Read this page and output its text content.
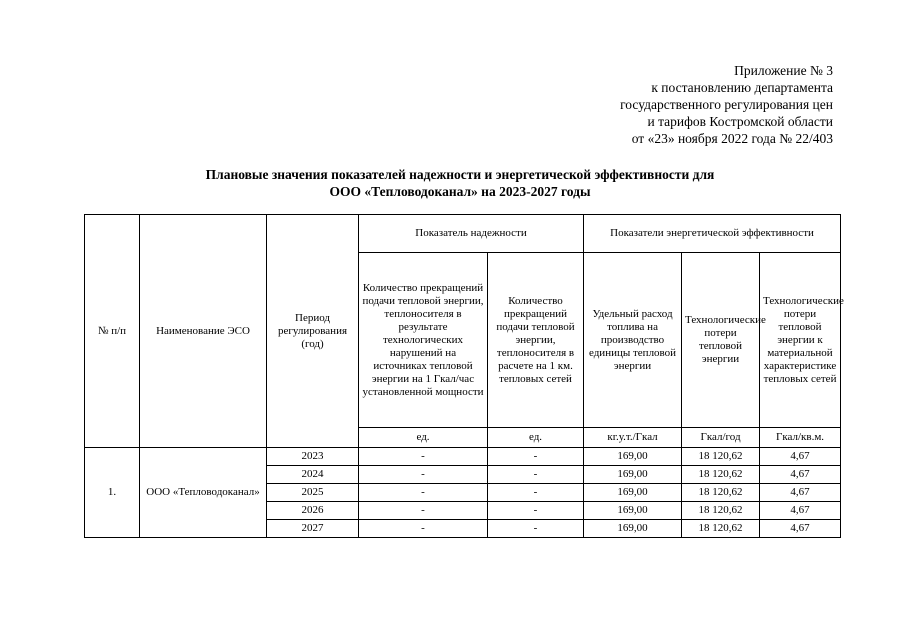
Приложение № 3
к постановлению департамента
государственного регулирования цен
и тарифов Костромской области
от «23» ноября 2022 года № 22/403
Плановые значения показателей надежности и энергетической эффективности для
ООО «Тепловодоканал» на 2023-2027 годы
№ п/п	Наименование ЭСО	Период регулирования (год)	Показатель надежности		Показатели энергетической эффективности		
			Количество прекращений подачи тепловой энергии, теплоносителя в результате технологических нарушений на источниках тепловой энергии на 1 Гкал/час установленной мощности	Количество прекращений подачи тепловой энергии, теплоносителя в расчете на 1 км. тепловых сетей	Удельный расход топлива на производство единицы тепловой энергии	Технологические потери тепловой энергии	Технологические потери тепловой энергии к материальной характеристике тепловых сетей
			ед.	ед.	кг.у.т./Гкал	Гкал/год	Гкал/кв.м.
1.	ООО «Тепловодоканал»	2023	-	-	169,00	18 120,62	4,67
		2024	-	-	169,00	18 120,62	4,67
		2025	-	-	169,00	18 120,62	4,67
		2026	-	-	169,00	18 120,62	4,67
		2027	-	-	169,00	18 120,62	4,67
